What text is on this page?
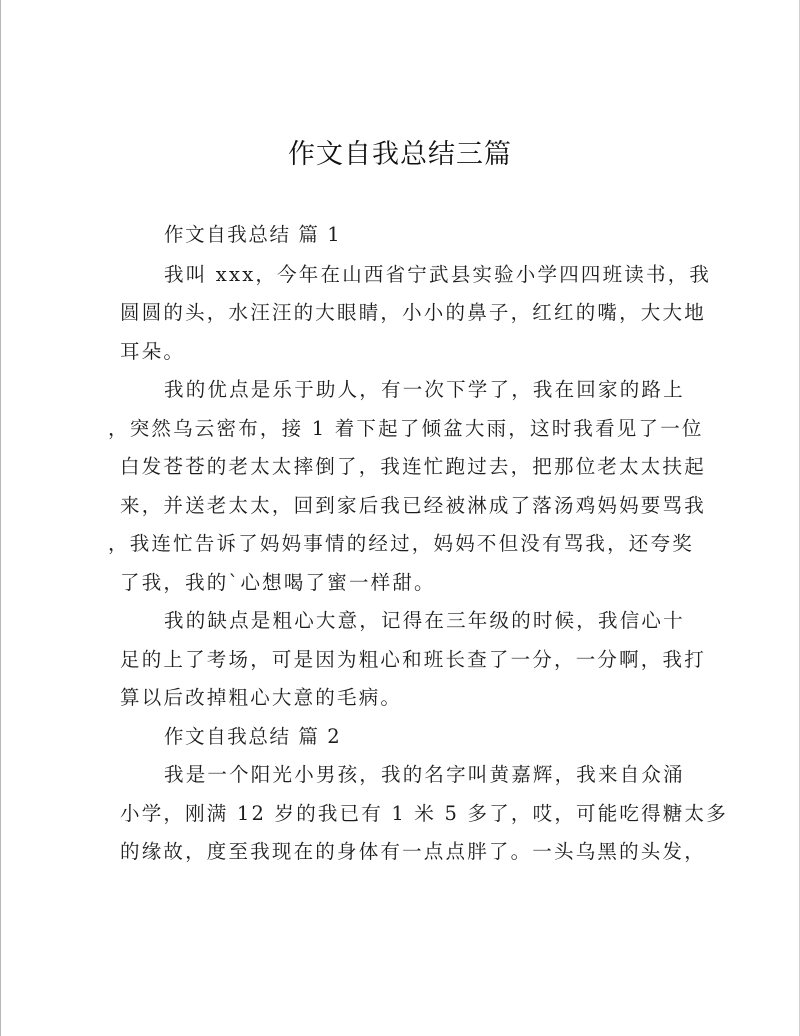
作文自我总结三篇
作文自我总结 篇 1
我叫 xxx，今年在山西省宁武县实验小学四四班读书，我
圆圆的头，水汪汪的大眼睛，小小的鼻子，红红的嘴，大大地
耳朵。
我的优点是乐于助人，有一次下学了，我在回家的路上
，突然乌云密布，接 1 着下起了倾盆大雨，这时我看见了一位
白发苍苍的老太太摔倒了，我连忙跑过去，把那位老太太扶起
来，并送老太太，回到家后我已经被淋成了落汤鸡妈妈要骂我
，我连忙告诉了妈妈事情的经过，妈妈不但没有骂我，还夸奖
了我，我的`心想喝了蜜一样甜。
我的缺点是粗心大意，记得在三年级的时候，我信心十
足的上了考场，可是因为粗心和班长查了一分，一分啊，我打
算以后改掉粗心大意的毛病。
作文自我总结 篇 2
我是一个阳光小男孩，我的名字叫黄嘉辉，我来自众涌
小学，刚满 12 岁的我已有 1 米 5 多了，哎，可能吃得糖太多
的缘故，度至我现在的身体有一点点胖了。一头乌黑的头发，
